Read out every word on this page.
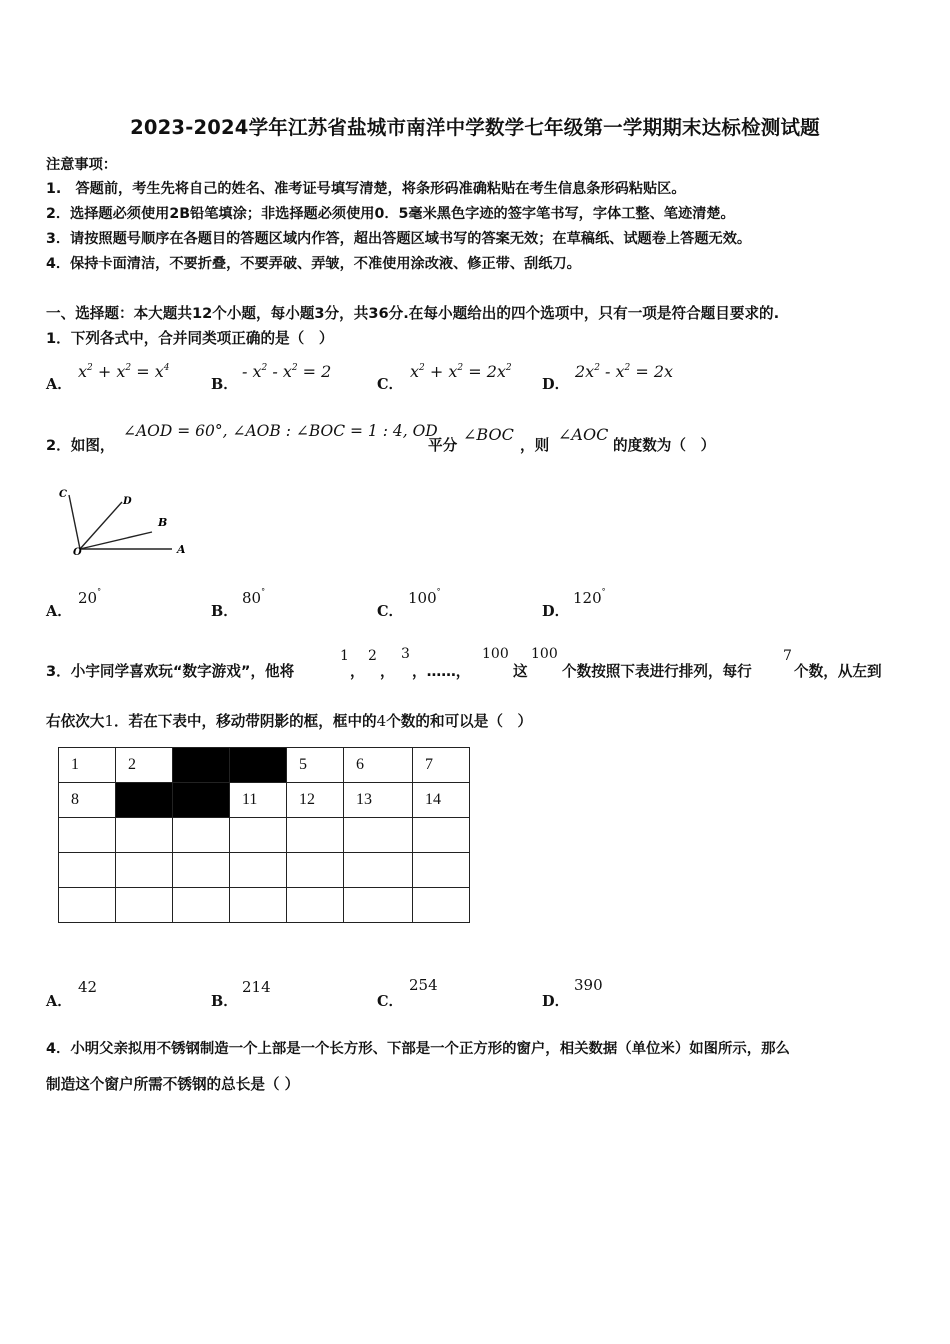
2023-2024学年江苏省盐城市南洋中学数学七年级第一学期期末达标检测试题
注意事项：
1.　答题前，考生先将自己的姓名、准考证号填写清楚，将条形码准确粘贴在考生信息条形码粘贴区。
2．选择题必须使用2B铅笔填涂；非选择题必须使用0．5毫米黑色字迹的签字笔书写，字体工整、笔迹清楚。
3．请按照题号顺序在各题目的答题区域内作答，超出答题区域书写的答案无效；在草稿纸、试题卷上答题无效。
4．保持卡面清洁，不要折叠，不要弄破、弄皱，不准使用涂改液、修正带、刮纸刀。
一、选择题：本大题共12个小题，每小题3分，共36分.在每小题给出的四个选项中，只有一项是符合题目要求的.
1．下列各式中，合并同类项正确的是（　）
A．
$x^2 + x^2 = x^4$
B．
- $x^2 - x^2 = 2$
C．
$x^2 + x^2 = 2x^2$
D．
$2x^2 - x^2 = 2x$
2．如图，
∠AOD = 60°, ∠AOB : ∠BOC = 1 : 4, OD
平分
∠BOC
，则
∠AOC
的度数为（　）
C
D
B
O	A
A．
20°
B．
80°
C．
100°
D．
120°
3．小宇同学喜欢玩“数字游戏”，他将
1
，
2
，
3
，……，
100
这
100
个数按照下表进行排列，每行
7
个数，从左到
右依次大1．若在下表中，移动带阴影的框，框中的4个数的和可以是（　）
1	2			5	6	7
8			11	12	13	14

A．
42
B．
214
C．
254
D．
390
4．小明父亲拟用不锈钢制造一个上部是一个长方形、下部是一个正方形的窗户，相关数据（单位米）如图所示，那么
制造这个窗户所需不锈钢的总长是（ ）
